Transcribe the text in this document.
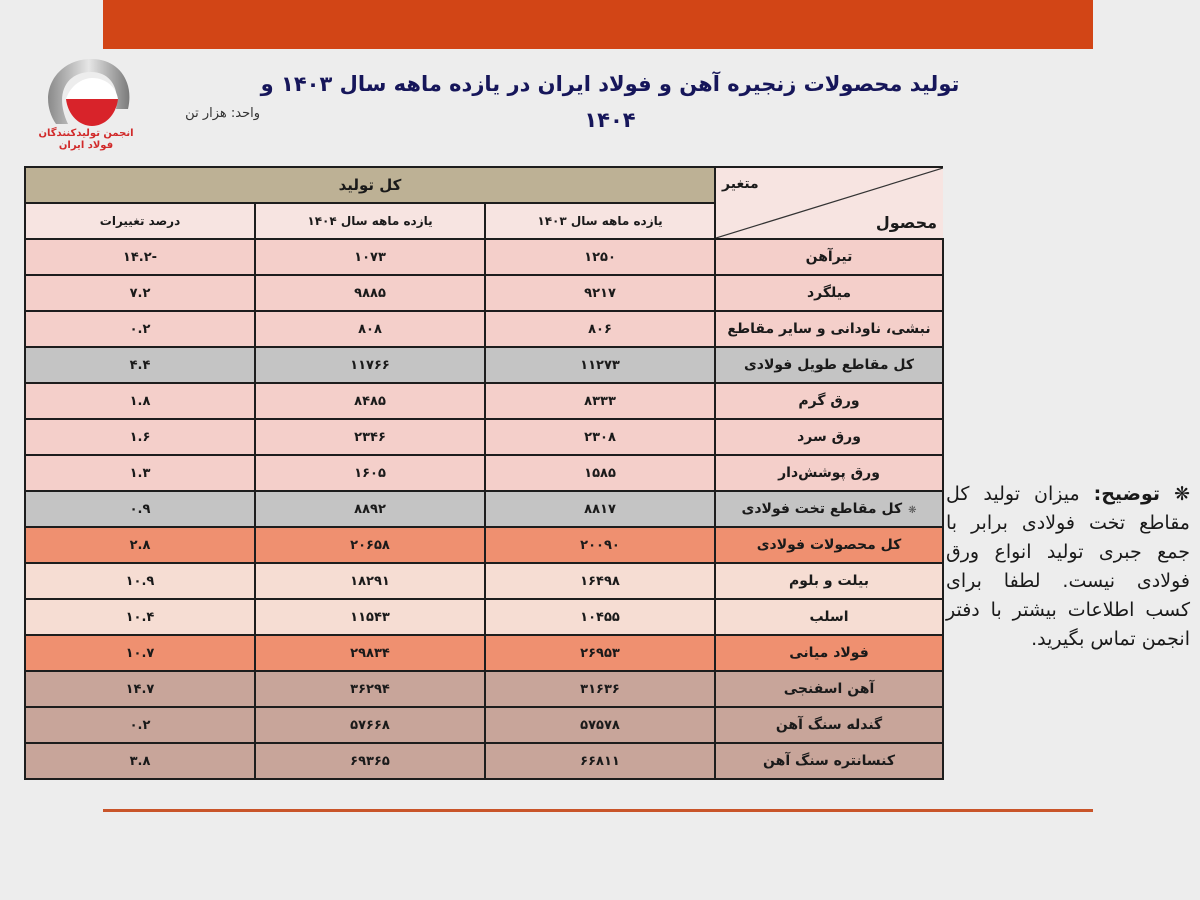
انجمن تولیدکنندگان
فولاد ایران
تولید محصولات زنجیره آهن و فولاد ایران در یازده ماهه سال ۱۴۰۳ و ۱۴۰۴
واحد: هزار تن
متغیر
محصول	کل تولید		
	یازده ماهه سال ۱۴۰۳	یازده ماهه سال ۱۴۰۴	درصد تغییرات
تیرآهن	۱۲۵۰	۱۰۷۳	-۱۴.۲
میلگرد	۹۲۱۷	۹۸۸۵	۷.۲
نبشی، ناودانی و سایر مقاطع	۸۰۶	۸۰۸	۰.۲
کل مقاطع طویل فولادی	۱۱۲۷۳	۱۱۷۶۶	۴.۴
ورق گرم	۸۳۳۳	۸۴۸۵	۱.۸
ورق سرد	۲۳۰۸	۲۳۴۶	۱.۶
ورق پوشش‌دار	۱۵۸۵	۱۶۰۵	۱.۳
❋کل مقاطع تخت فولادی	۸۸۱۷	۸۸۹۲	۰.۹
کل محصولات فولادی	۲۰۰۹۰	۲۰۶۵۸	۲.۸
بیلت و بلوم	۱۶۴۹۸	۱۸۲۹۱	۱۰.۹
اسلب	۱۰۴۵۵	۱۱۵۴۳	۱۰.۴
فولاد میانی	۲۶۹۵۳	۲۹۸۳۴	۱۰.۷
آهن اسفنجی	۳۱۶۳۶	۳۶۲۹۴	۱۴.۷
گندله سنگ آهن	۵۷۵۷۸	۵۷۶۶۸	۰.۲
کنسانتره سنگ آهن	۶۶۸۱۱	۶۹۳۶۵	۳.۸
❋ توضیح: میزان تولید کل مقاطع تخت فولادی برابر با جمع جبری تولید انواع ورق فولادی نیست. لطفا برای کسب اطلاعات بیشتر با دفتر انجمن تماس بگیرید.
